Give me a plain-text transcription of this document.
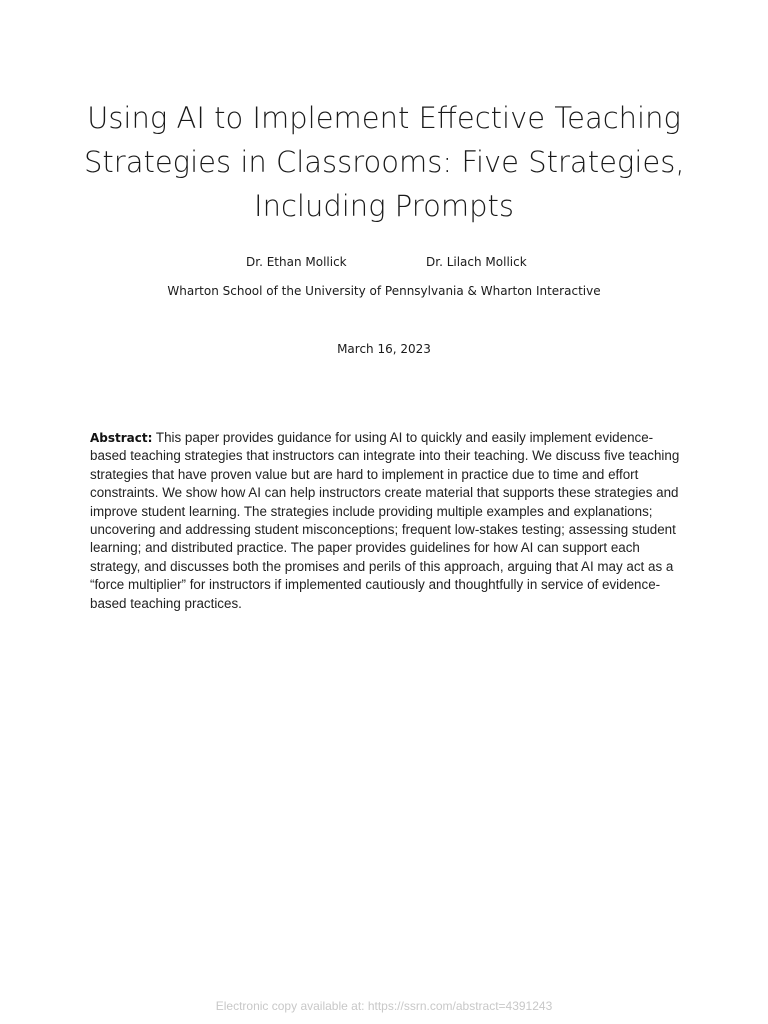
Using AI to Implement Effective Teaching
Strategies in Classrooms: Five Strategies,
Including Prompts
Dr. Ethan Mollick	Dr. Lilach Mollick
Wharton School of the University of Pennsylvania & Wharton Interactive
March 16, 2023

Abstract: This paper provides guidance for using AI to quickly and easily implement evidence-based teaching strategies that instructors can integrate into their teaching. We discuss five teaching strategies that have proven value but are hard to implement in practice due to time and effort constraints. We show how AI can help instructors create material that supports these strategies and improve student learning. The strategies include providing multiple examples and explanations; uncovering and addressing student misconceptions; frequent low-stakes testing; assessing student learning; and distributed practice. The paper provides guidelines for how AI can support each strategy, and discusses both the promises and perils of this approach, arguing that AI may act as a “force multiplier” for instructors if implemented cautiously and thoughtfully in service of evidence-based teaching practices.

Electronic copy available at: https://ssrn.com/abstract=4391243
